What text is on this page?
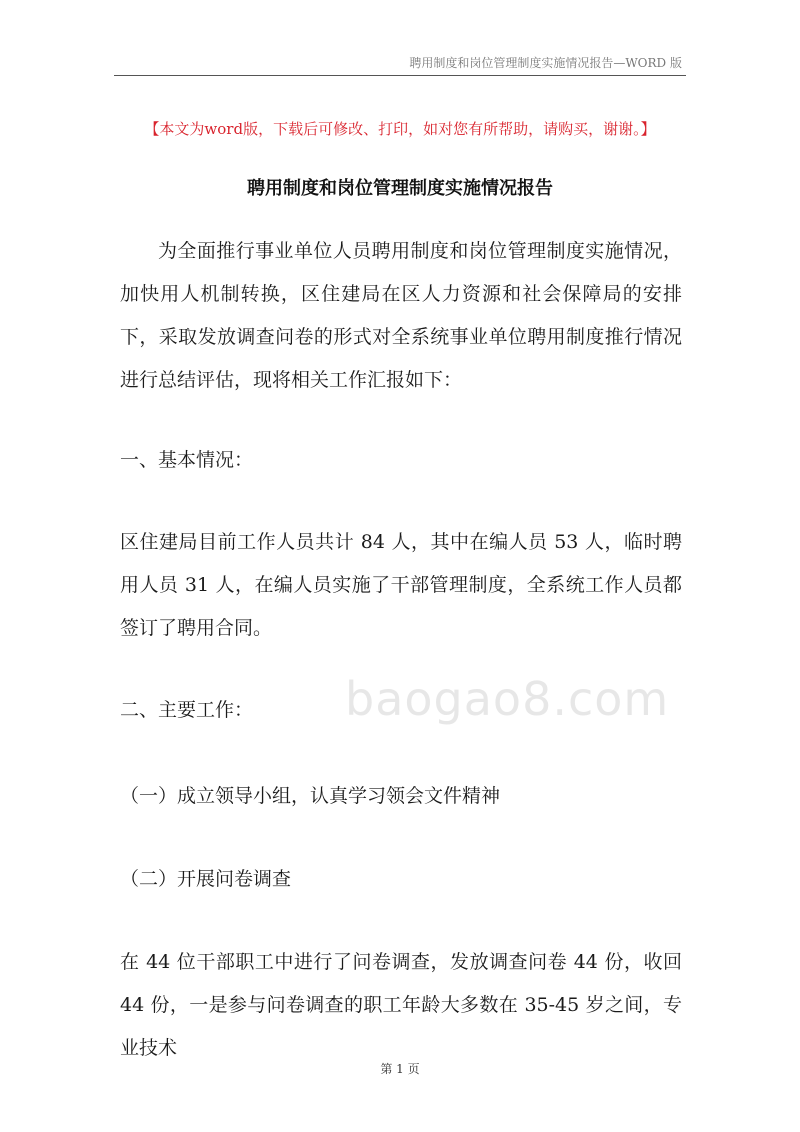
聘用制度和岗位管理制度实施情况报告—WORD 版
【本文为word版，下载后可修改、打印，如对您有所帮助，请购买，谢谢。】
聘用制度和岗位管理制度实施情况报告

为全面推行事业单位人员聘用制度和岗位管理制度实施情况，加快用人机制转换，区住建局在区人力资源和社会保障局的安排下，采取发放调查问卷的形式对全系统事业单位聘用制度推行情况进行总结评估，现将相关工作汇报如下：

一、基本情况：

区住建局目前工作人员共计 84 人，其中在编人员 53 人，临时聘用人员 31 人，在编人员实施了干部管理制度，全系统工作人员都签订了聘用合同。

二、主要工作：

（一）成立领导小组，认真学习领会文件精神

（二）开展问卷调查

在 44 位干部职工中进行了问卷调查，发放调查问卷 44 份，收回 44 份，一是参与问卷调查的职工年龄大多数在 35-45 岁之间，专业技术

baogao8.com
第 1 页
